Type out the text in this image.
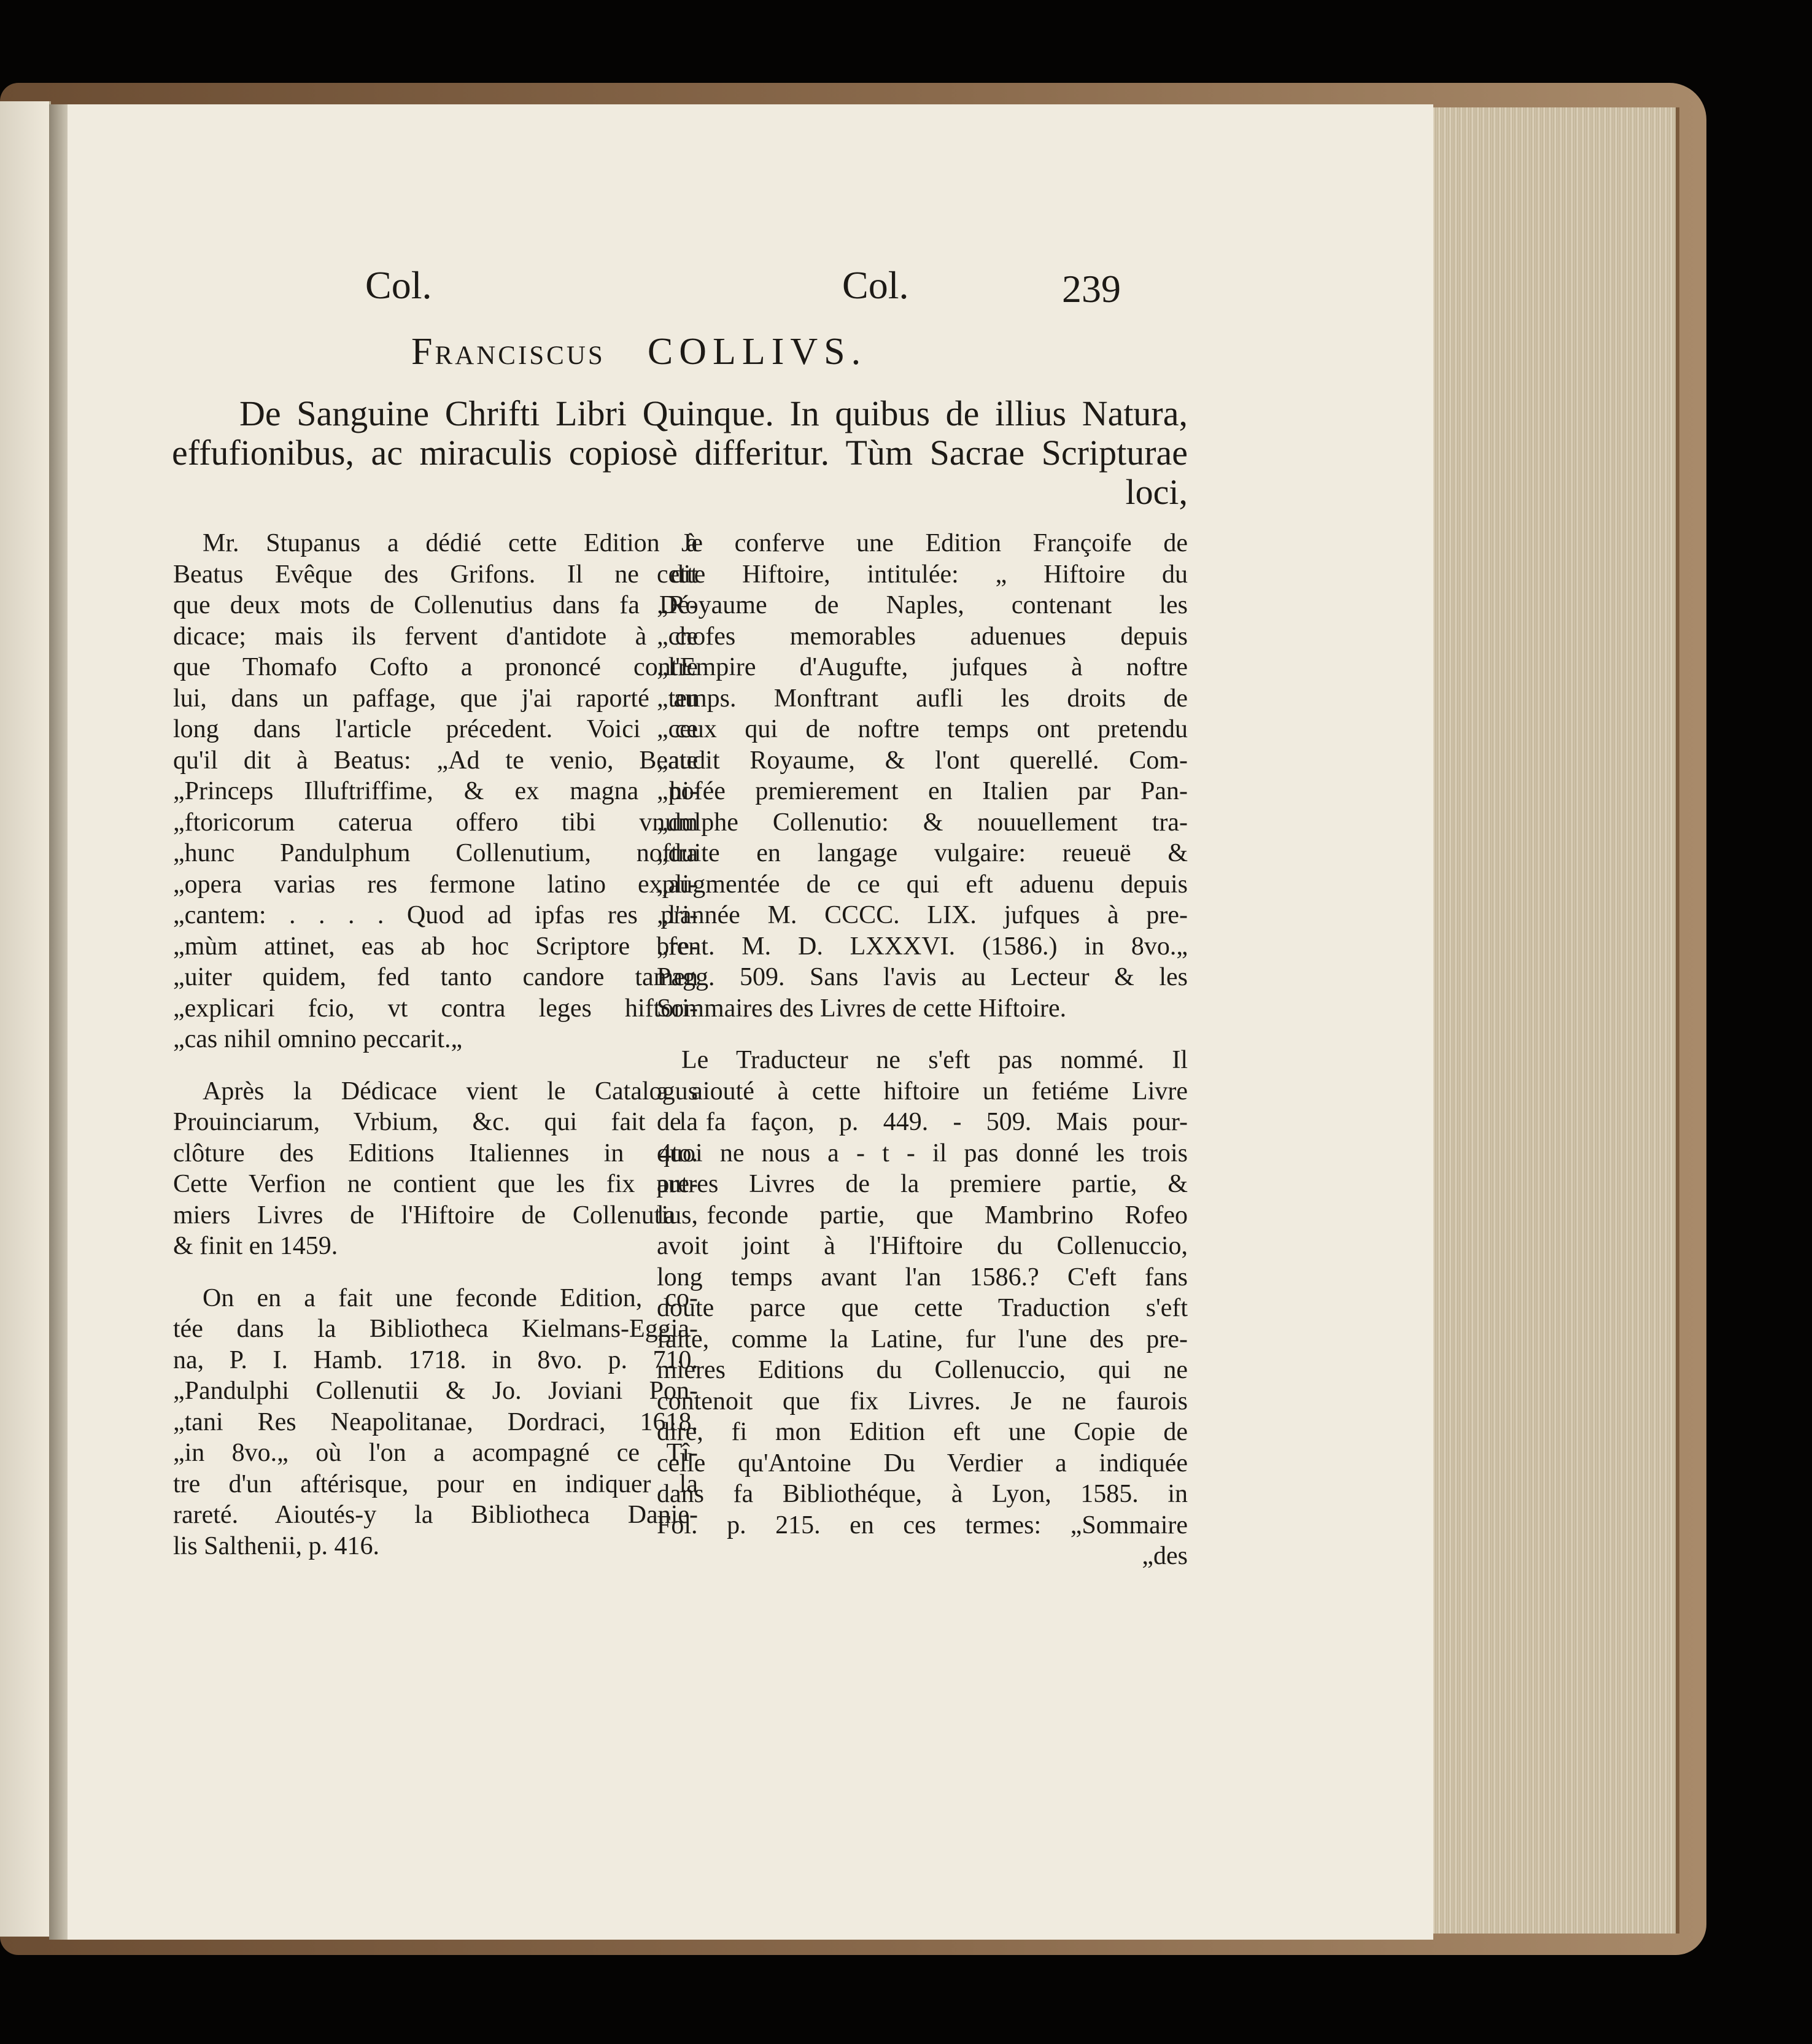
Col.	Col.	239
Franciscus COLLIVS.
De Sanguine Chrifti Libri Quinque. In quibus de illius Natura,
effufionibus, ac miraculis copiosè differitur. Tùm Sacrae Scripturae
loci,
Mr. Stupanus a dédié cette Edition à
Beatus Evêque des Grifons. Il ne dit
que deux mots de Collenutius dans fa Dé-
dicace; mais ils fervent d'antidote à ce
que Thomafo Cofto a prononcé contre
lui, dans un paffage, que j'ai raporté au
long dans l'article précedent. Voici ce
qu'il dit à Beatus: „Ad te venio, Beate
„Princeps Illuftriffime, & ex magna hi-
„ftoricorum caterua offero tibi vnum
„hunc Pandulphum Collenutium, noftra
„opera varias res fermone latino expli-
„cantem: . . . . Quod ad ipfas res pri-
„mùm attinet, eas ab hoc Scriptore bre-
„uiter quidem, fed tanto candore tamen
„explicari fcio, vt contra leges hiftori-
„cas nihil omnino peccarit.„
Après la Dédicace vient le Catalogus
Prouinciarum, Vrbium, &c. qui fait la
clôture des Editions Italiennes in 4to.
Cette Verfion ne contient que les fix pre-
miers Livres de l'Hiftoire de Collenutius,
& finit en 1459.
On en a fait une feconde Edition, co-
tée dans la Bibliotheca Kielmans-Eggia-
na, P. I. Hamb. 1718. in 8vo. p. 710.
„Pandulphi Collenutii & Jo. Joviani Pon-
„tani Res Neapolitanae, Dordraci, 1618.
„in 8vo.„ où l'on a acompagné ce Tî-
tre d'un aftérisque, pour en indiquer la
rareté. Aioutés-y la Bibliotheca Danie-
lis Salthenii, p. 416.
Je conferve une Edition Françoife de
cette Hiftoire, intitulée: „ Hiftoire du
„Royaume de Naples, contenant les
„chofes memorables aduenues depuis
„l'Empire d'Augufte, jufques à noftre
„temps. Monftrant aufli les droits de
„ceux qui de noftre temps ont pretendu
„audit Royaume, & l'ont querellé. Com-
„pofée premierement en Italien par Pan-
„dulphe Collenutio: & nouuellement tra-
„duite en langage vulgaire: reueuë &
„augmentée de ce qui eft aduenu depuis
„l'année M. CCCC. LIX. jufques à pre-
„fent. M. D. LXXXVI. (1586.) in 8vo.„
Pagg. 509. Sans l'avis au Lecteur & les
Sommaires des Livres de cette Hiftoire.
Le Traducteur ne s'eft pas nommé. Il
a aiouté à cette hiftoire un fetiéme Livre
de fa façon, p. 449. - 509. Mais pour-
quoi ne nous a - t - il pas donné les trois
autres Livres de la premiere partie, &
la feconde partie, que Mambrino Rofeo
avoit joint à l'Hiftoire du Collenuccio,
long temps avant l'an 1586.? C'eft fans
doute parce que cette Traduction s'eft
faite, comme la Latine, fur l'une des pre-
mieres Editions du Collenuccio, qui ne
contenoit que fix Livres. Je ne faurois
dire, fi mon Edition eft une Copie de
celle qu'Antoine Du Verdier a indiquée
dans fa Bibliothéque, à Lyon, 1585. in
Fol. p. 215. en ces termes: „Sommaire
„des
